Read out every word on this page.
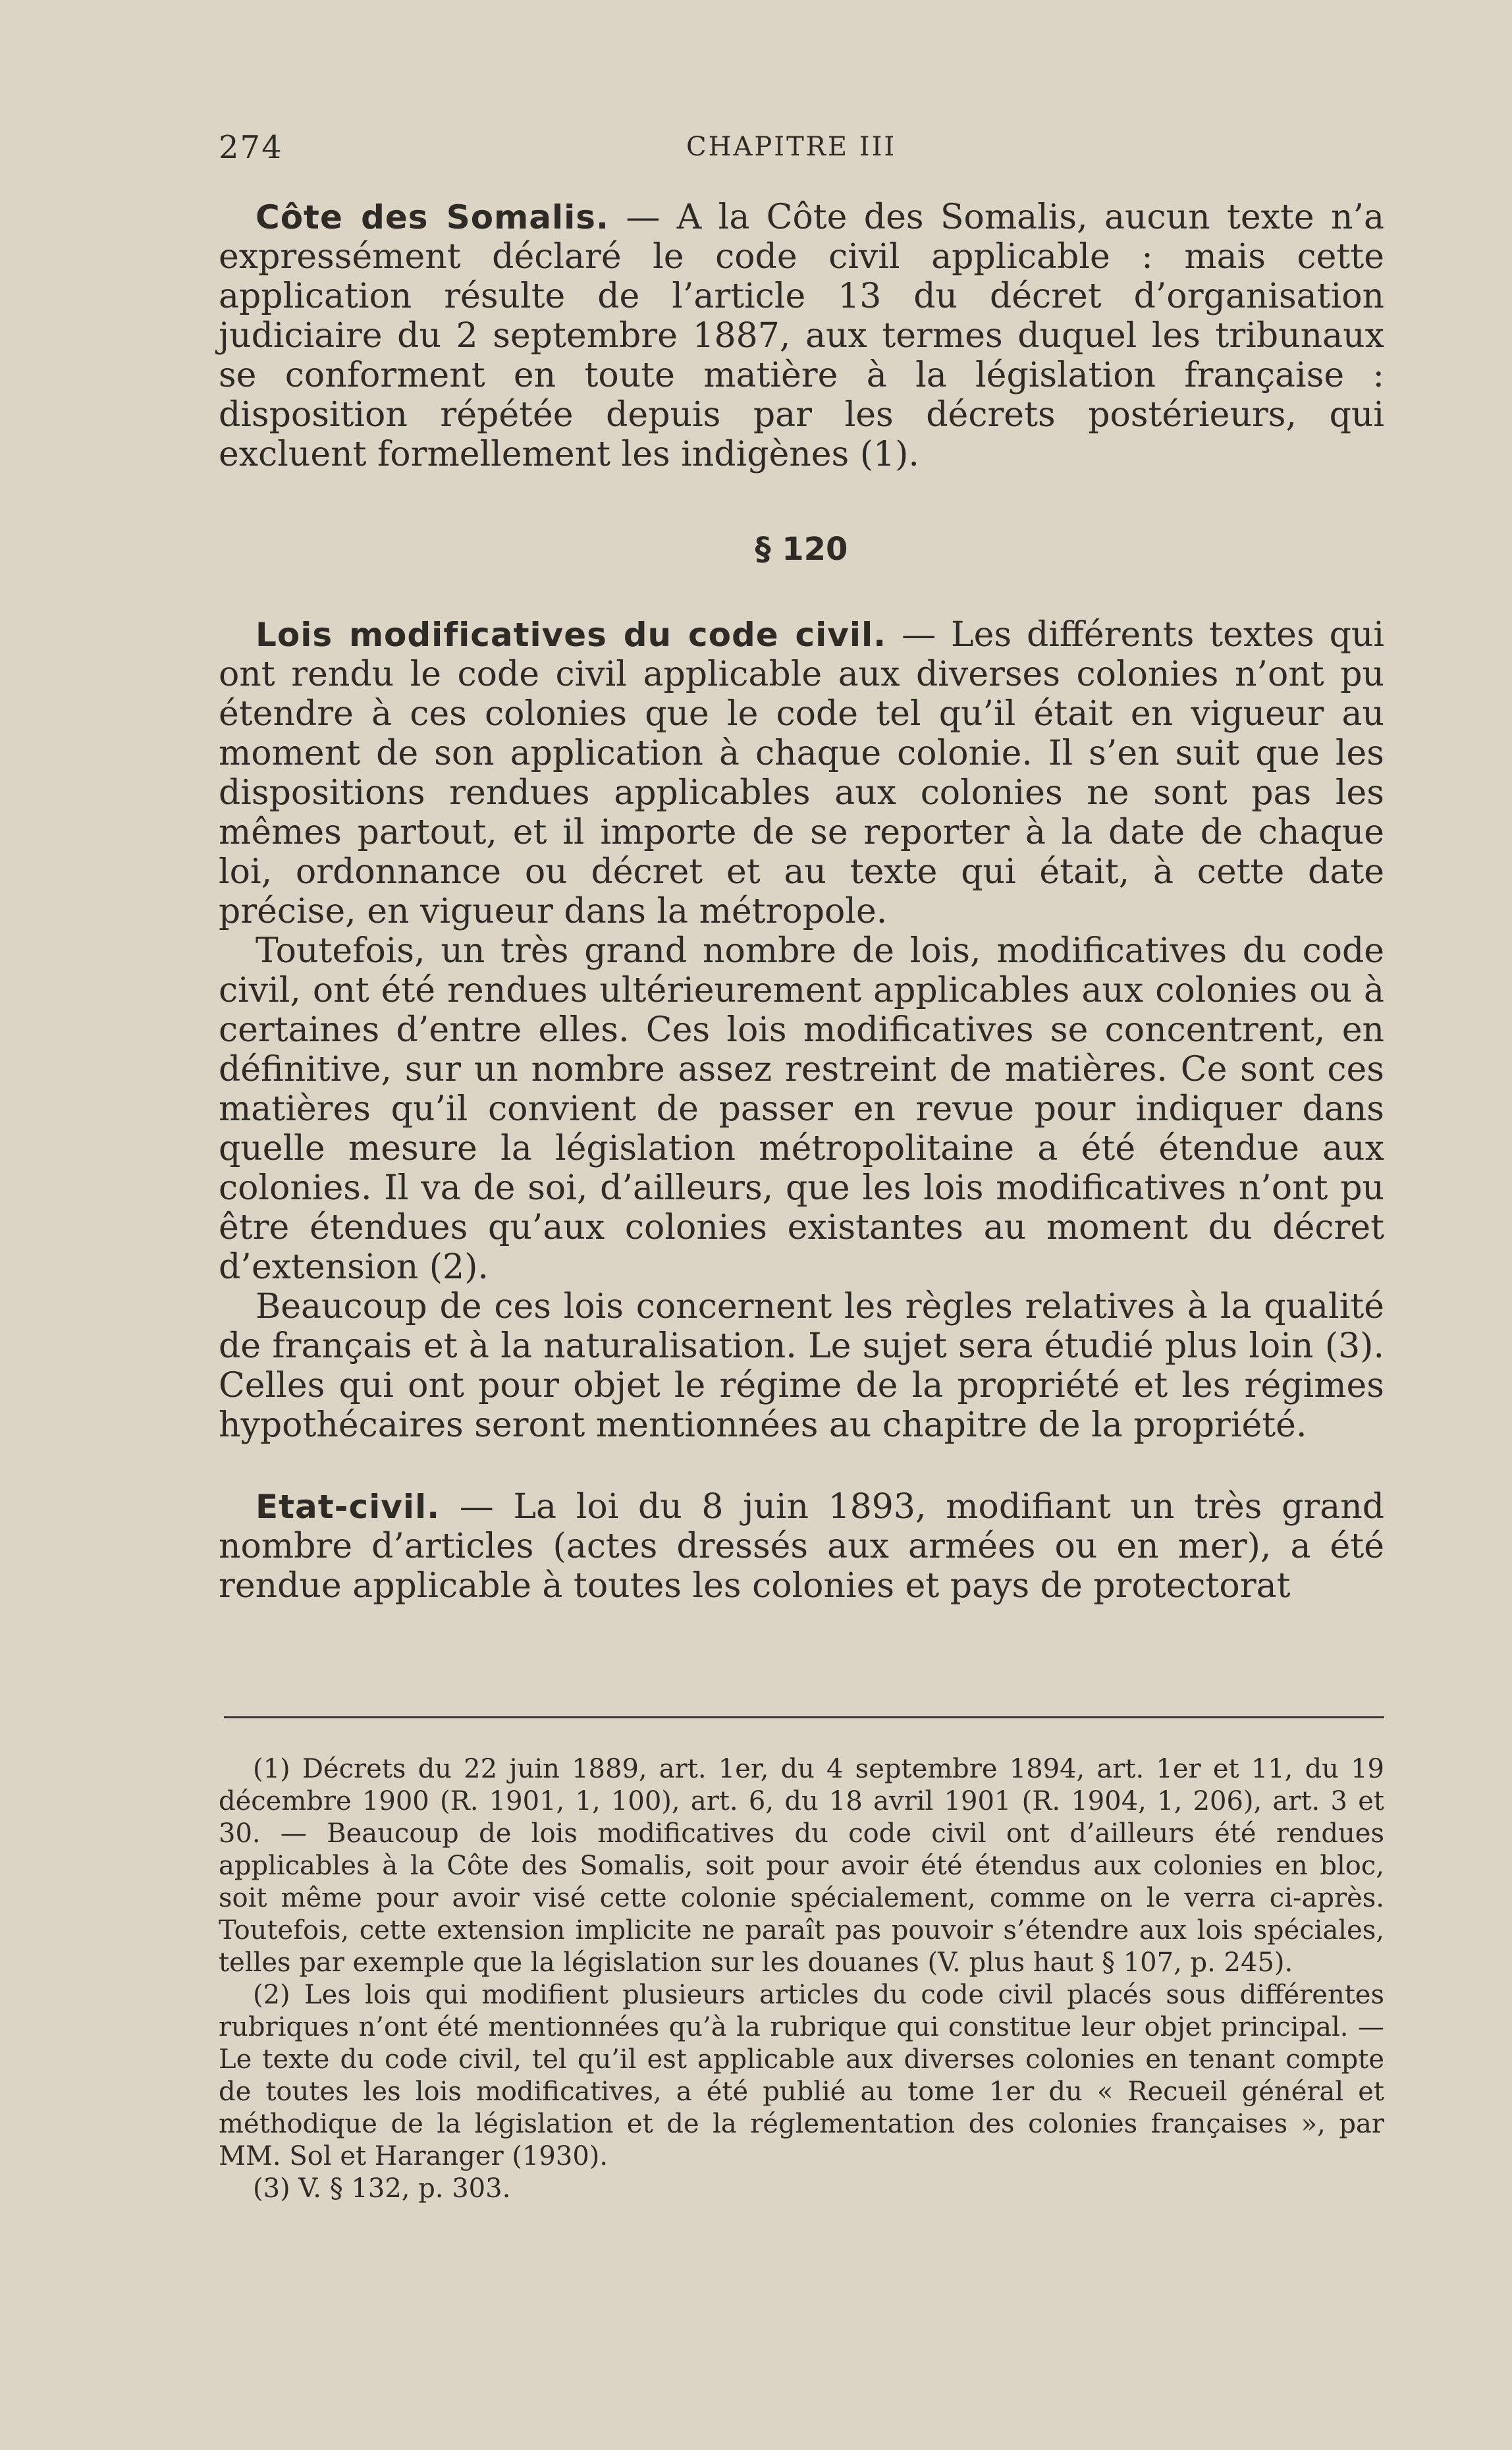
274	CHAPITRE III

Côte des Somalis. — A la Côte des Somalis, aucun texte n’a expressément déclaré le code civil applicable : mais cette application résulte de l’article 13 du décret d’organisation judiciaire du 2 septembre 1887, aux termes duquel les tribunaux se conforment en toute matière à la législation française : disposition répétée depuis par les décrets postérieurs, qui excluent formellement les indigènes (1).

§ 120

Lois modificatives du code civil. — Les différents textes qui ont rendu le code civil applicable aux diverses colonies n’ont pu étendre à ces colonies que le code tel qu’il était en vigueur au moment de son application à chaque colonie. Il s’en suit que les dispositions rendues applicables aux colonies ne sont pas les mêmes partout, et il importe de se reporter à la date de chaque loi, ordonnance ou décret et au texte qui était, à cette date précise, en vigueur dans la métropole.

Toutefois, un très grand nombre de lois, modificatives du code civil, ont été rendues ultérieurement applicables aux colonies ou à certaines d’entre elles. Ces lois modificatives se concentrent, en définitive, sur un nombre assez restreint de matières. Ce sont ces matières qu’il convient de passer en revue pour indiquer dans quelle mesure la législation métropolitaine a été étendue aux colonies. Il va de soi, d’ailleurs, que les lois modificatives n’ont pu être étendues qu’aux colonies existantes au moment du décret d’extension (2).

Beaucoup de ces lois concernent les règles relatives à la qualité de français et à la naturalisation. Le sujet sera étudié plus loin (3). Celles qui ont pour objet le régime de la propriété et les régimes hypothécaires seront mentionnées au chapitre de la propriété.

Etat-civil. — La loi du 8 juin 1893, modifiant un très grand nombre d’articles (actes dressés aux armées ou en mer), a été rendue applicable à toutes les colonies et pays de protectorat

(1) Décrets du 22 juin 1889, art. 1er, du 4 septembre 1894, art. 1er et 11, du 19 décembre 1900 (R. 1901, 1, 100), art. 6, du 18 avril 1901 (R. 1904, 1, 206), art. 3 et 30. — Beaucoup de lois modificatives du code civil ont d’ailleurs été rendues applicables à la Côte des Somalis, soit pour avoir été étendus aux colonies en bloc, soit même pour avoir visé cette colonie spécialement, comme on le verra ci-après. Toutefois, cette extension implicite ne paraît pas pouvoir s’étendre aux lois spéciales, telles par exemple que la législation sur les douanes (V. plus haut § 107, p. 245).

(2) Les lois qui modifient plusieurs articles du code civil placés sous différentes rubriques n’ont été mentionnées qu’à la rubrique qui constitue leur objet principal. — Le texte du code civil, tel qu’il est applicable aux diverses colonies en tenant compte de toutes les lois modificatives, a été publié au tome 1er du « Recueil général et méthodique de la législation et de la réglementation des colonies françaises », par MM. Sol et Haranger (1930).

(3) V. § 132, p. 303.
